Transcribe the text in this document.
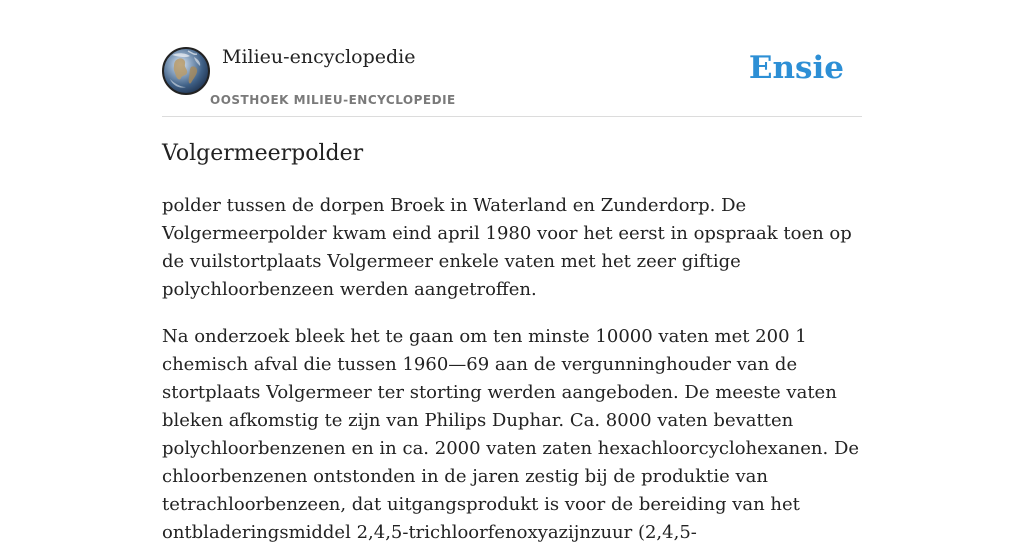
Milieu-encyclopedie
OOSTHOEK MILIEU-ENCYCLOPEDIE
Ensie
Volgermeerpolder

polder tussen de dorpen Broek in Waterland en Zunderdorp. De Volgermeerpolder kwam eind april 1980 voor het eerst in opspraak toen op de vuilstortplaats Volgermeer enkele vaten met het zeer giftige polychloorbenzeen werden aangetroffen.

Na onderzoek bleek het te gaan om ten minste 10000 vaten met 200 1 chemisch afval die tussen 1960—69 aan de vergunninghouder van de stortplaats Volgermeer ter storting werden aangeboden. De meeste vaten bleken afkomstig te zijn van Philips Duphar. Ca. 8000 vaten bevatten polychloorbenzenen en in ca. 2000 vaten zaten hexachloorcyclohexanen. De chloorbenzenen ontstonden in de jaren zestig bij de produktie van tetrachloorbenzeen, dat uitgangsprodukt is voor de bereiding van het ontbladeringsmiddel 2,4,5-trichloorfenoxyazijnzuur (2,4,5-
